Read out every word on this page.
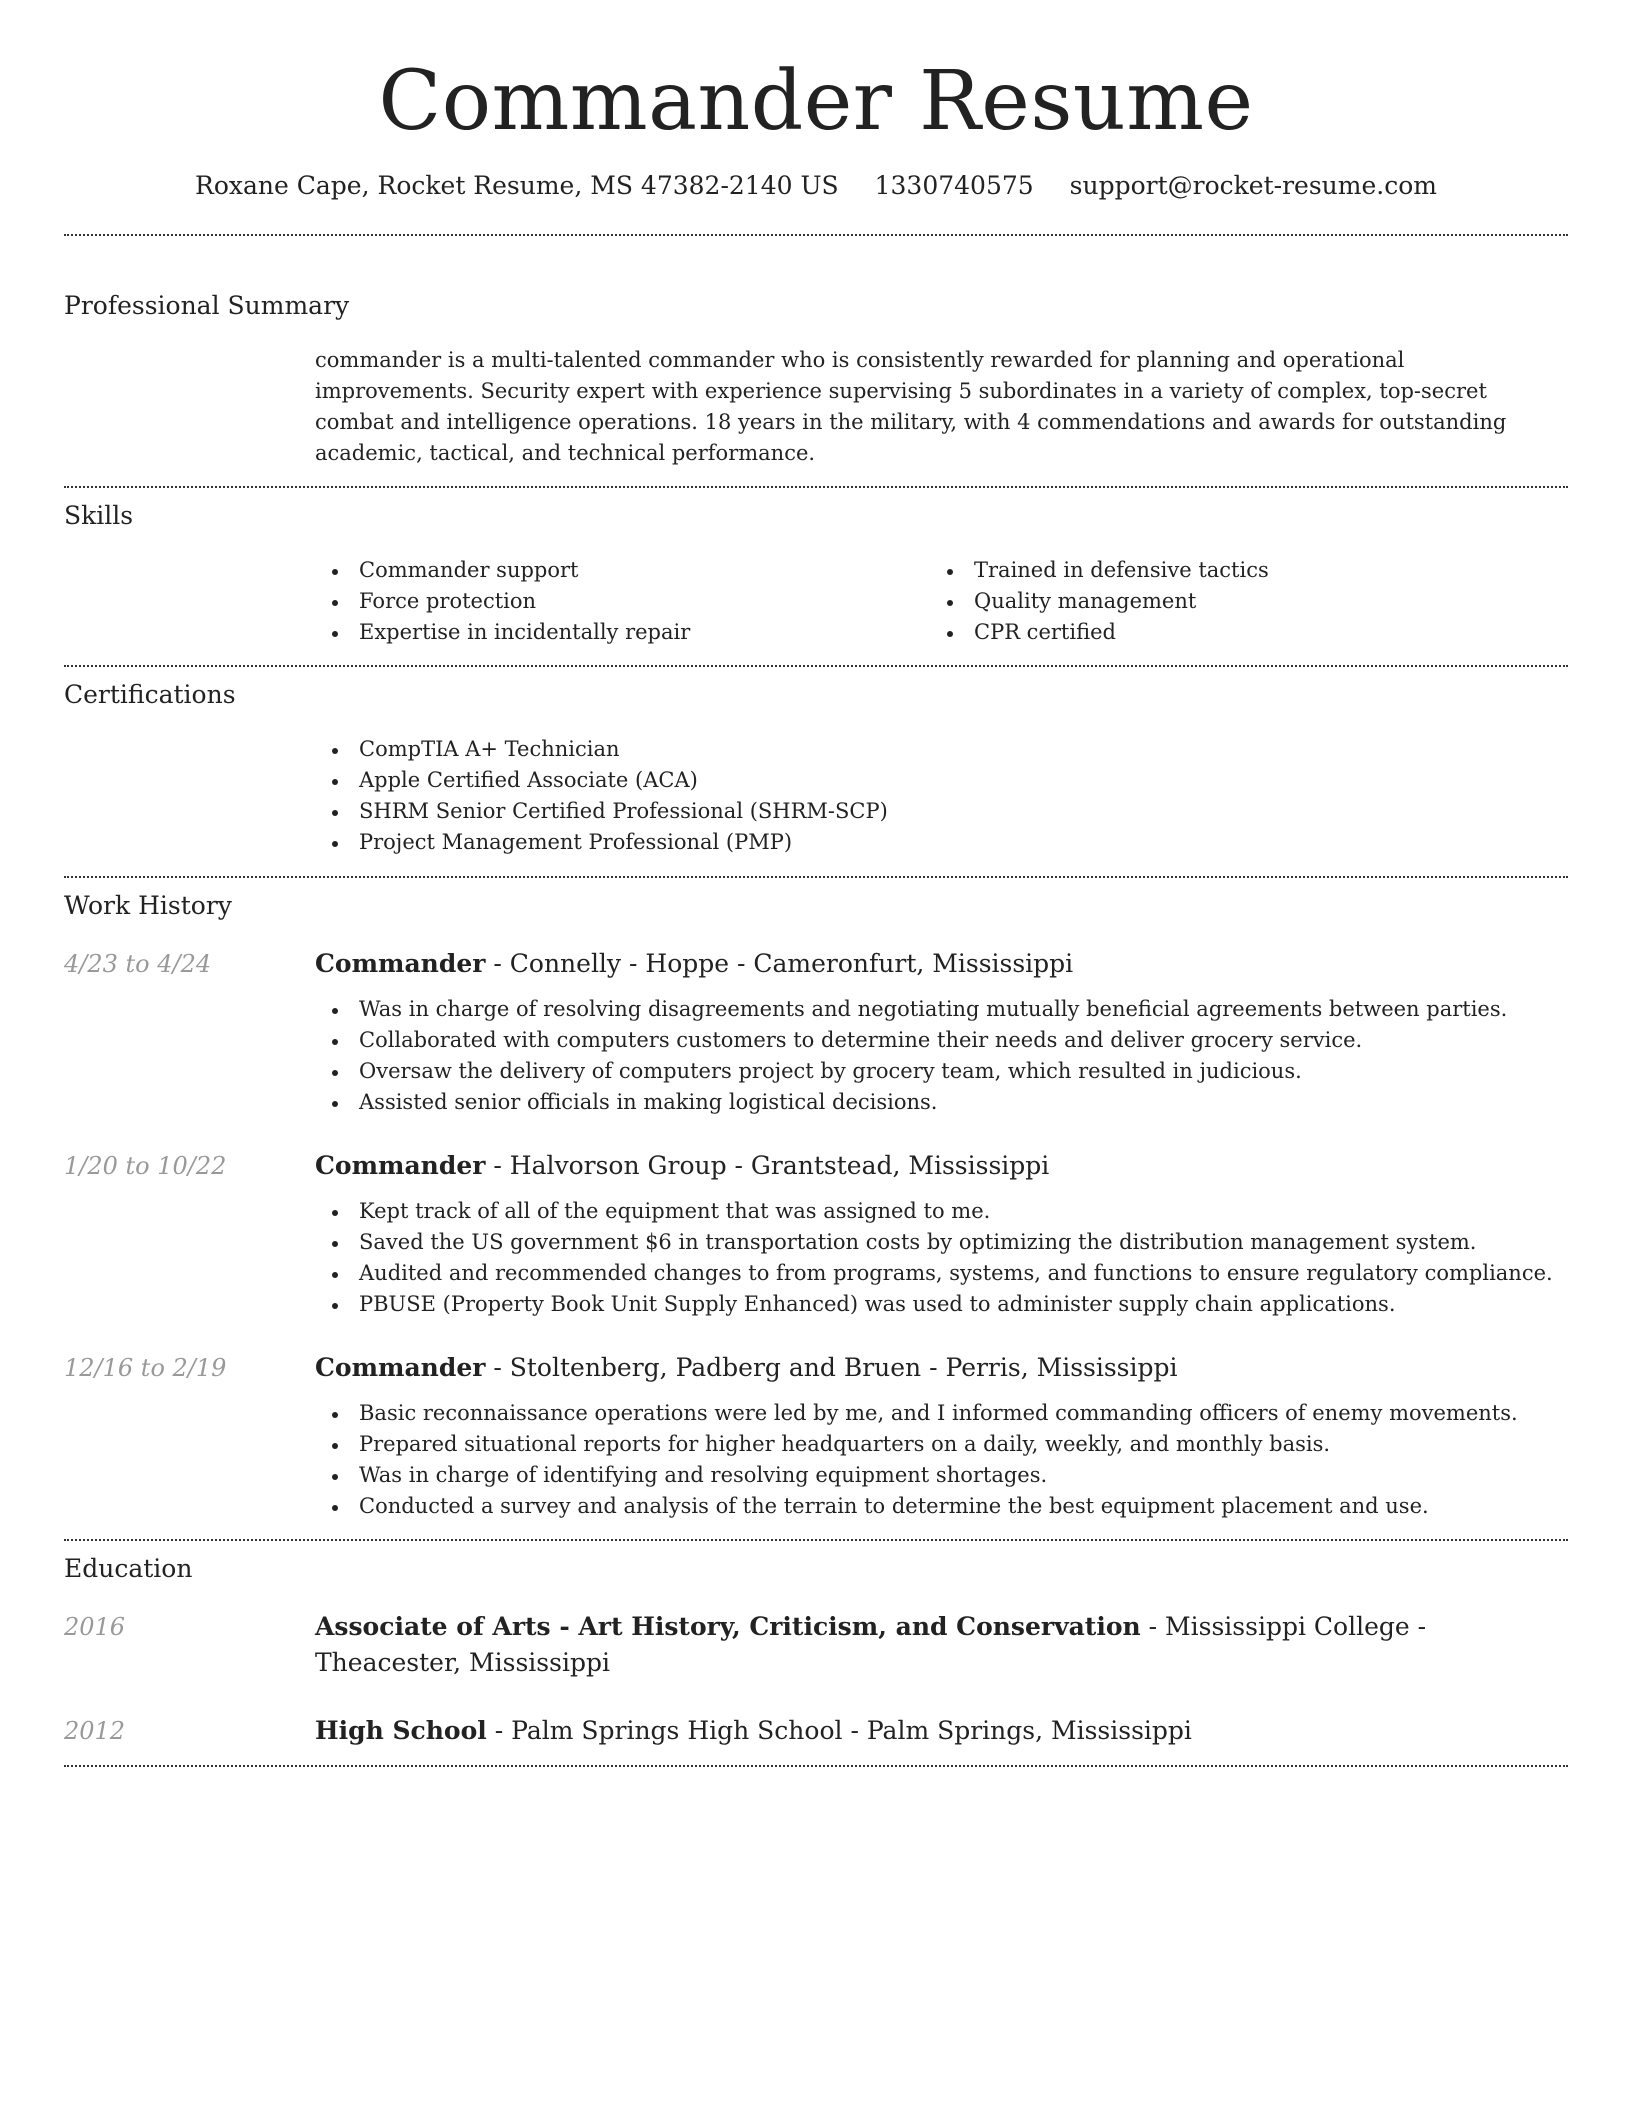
Commander Resume
Roxane Cape, Rocket Resume, MS 47382-2140 US 1330740575 support@rocket-resume.com
Professional Summary

commander is a multi-talented commander who is consistently rewarded for planning and operational improvements. Security expert with experience supervising 5 subordinates in a variety of complex, top-secret combat and intelligence operations. 18 years in the military, with 4 commendations and awards for outstanding academic, tactical, and technical performance.

Skills
Commander support
Force protection
Expertise in incidentally repair
Trained in defensive tactics
Quality management
CPR certified
Certifications
CompTIA A+ Technician
Apple Certified Associate (ACA)
SHRM Senior Certified Professional (SHRM-SCP)
Project Management Professional (PMP)
Work History
4/23 to 4/24	Commander - Connelly - Hoppe - Cameronfurt, Mississippi
Was in charge of resolving disagreements and negotiating mutually beneficial agreements between parties.
Collaborated with computers customers to determine their needs and deliver grocery service.
Oversaw the delivery of computers project by grocery team, which resulted in judicious.
Assisted senior officials in making logistical decisions.
1/20 to 10/22	Commander - Halvorson Group - Grantstead, Mississippi
Kept track of all of the equipment that was assigned to me.
Saved the US government $6 in transportation costs by optimizing the distribution management system.
Audited and recommended changes to from programs, systems, and functions to ensure regulatory compliance.
PBUSE (Property Book Unit Supply Enhanced) was used to administer supply chain applications.
12/16 to 2/19	Commander - Stoltenberg, Padberg and Bruen - Perris, Mississippi
Basic reconnaissance operations were led by me, and I informed commanding officers of enemy movements.
Prepared situational reports for higher headquarters on a daily, weekly, and monthly basis.
Was in charge of identifying and resolving equipment shortages.
Conducted a survey and analysis of the terrain to determine the best equipment placement and use.
Education
2016	Associate of Arts - Art History, Criticism, and Conservation - Mississippi College - Theacester, Mississippi
2012	High School - Palm Springs High School - Palm Springs, Mississippi
